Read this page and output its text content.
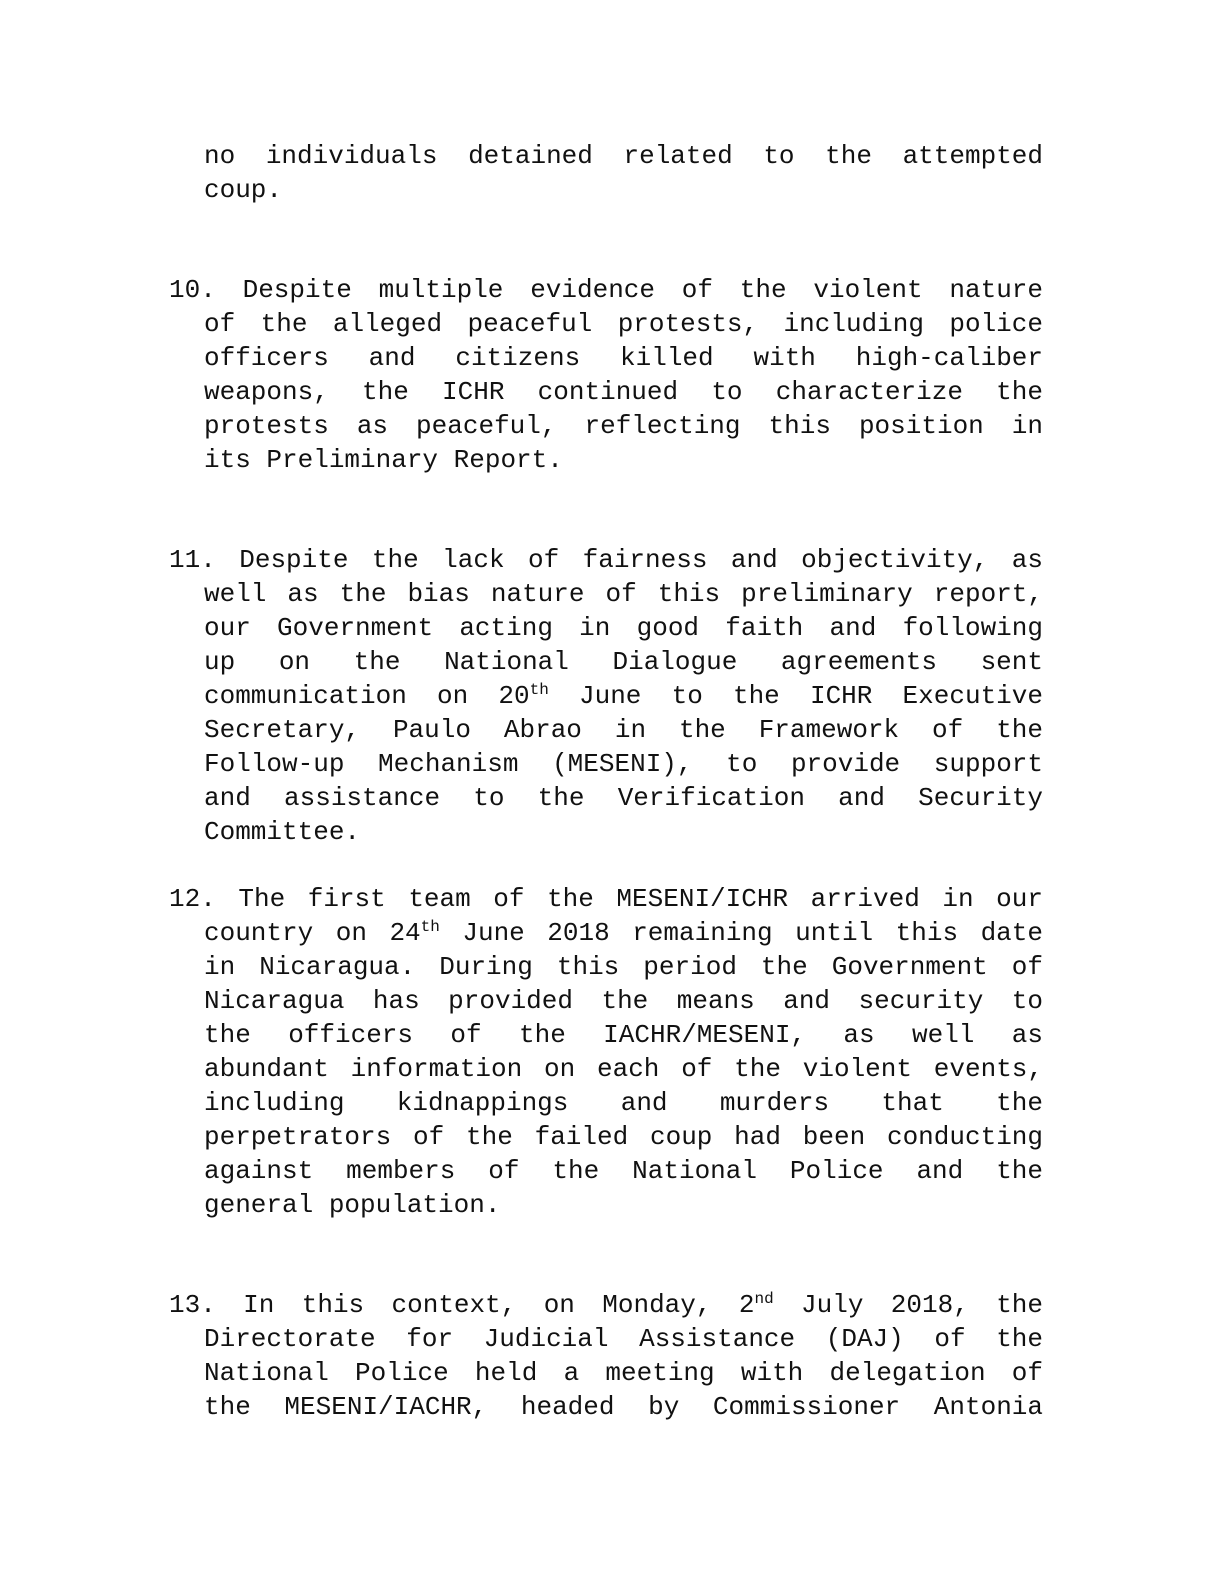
no individuals detained related to the attempted
coup.
10. Despite multiple evidence of the violent nature
of the alleged peaceful protests, including police
officers and citizens killed with high-caliber
weapons, the ICHR continued to characterize the
protests as peaceful, reflecting this position in
its Preliminary Report.
11. Despite the lack of fairness and objectivity, as
well as the bias nature of this preliminary report,
our Government acting in good faith and following
up on the National Dialogue agreements sent
communication on 20th June to the ICHR Executive
Secretary, Paulo Abrao in the Framework of the
Follow-up Mechanism (MESENI), to provide support
and assistance to the Verification and Security
Committee.
12. The first team of the MESENI/ICHR arrived in our
country on 24th June 2018 remaining until this date
in Nicaragua. During this period the Government of
Nicaragua has provided the means and security to
the officers of the IACHR/MESENI, as well as
abundant information on each of the violent events,
including kidnappings and murders that the
perpetrators of the failed coup had been conducting
against members of the National Police and the
general population.
13. In this context, on Monday, 2nd July 2018, the
Directorate for Judicial Assistance (DAJ) of the
National Police held a meeting with delegation of
the MESENI/IACHR, headed by Commissioner Antonia
